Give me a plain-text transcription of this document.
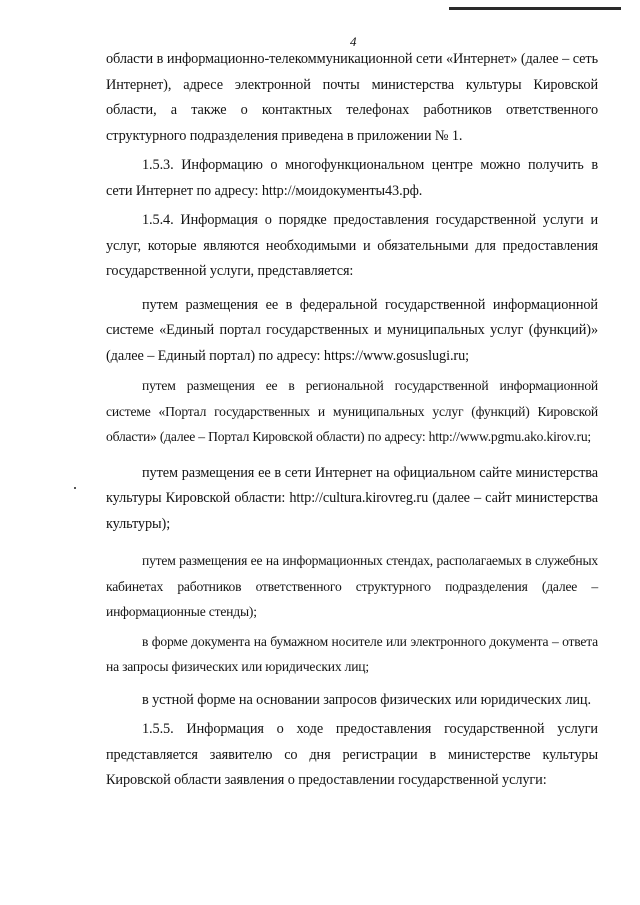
4

области в информационно-телекоммуникационной сети «Интернет» (далее – сеть Интернет), адресе электронной почты министерства культуры Кировской области, а также о контактных телефонах работников ответственного структурного подразделения приведена в приложении № 1.

1.5.3. Информацию о многофункциональном центре можно получить в сети Интернет по адресу: http://моидокументы43.рф.

1.5.4. Информация о порядке предоставления государственной услуги и услуг, которые являются необходимыми и обязательными для предоставления государственной услуги, представляется:

путем размещения ее в федеральной государственной информационной системе «Единый портал государственных и муниципальных услуг (функций)» (далее – Единый портал) по адресу: https://www.gosuslugi.ru;

путем размещения ее в региональной государственной информационной системе «Портал государственных и муниципальных услуг (функций) Кировской области» (далее – Портал Кировской области) по адресу: http://www.pgmu.ako.kirov.ru;

путем размещения ее в сети Интернет на официальном сайте министерства культуры Кировской области: http://cultura.kirovreg.ru (далее – сайт министерства культуры);

путем размещения ее на информационных стендах, располагаемых в служебных кабинетах работников ответственного структурного подразделения (далее – информационные стенды);

в форме документа на бумажном носителе или электронного документа – ответа на запросы физических или юридических лиц;

в устной форме на основании запросов физических или юридических лиц.

1.5.5. Информация о ходе предоставления государственной услуги представляется заявителю со дня регистрации в министерстве культуры Кировской области заявления о предоставлении государственной услуги:
